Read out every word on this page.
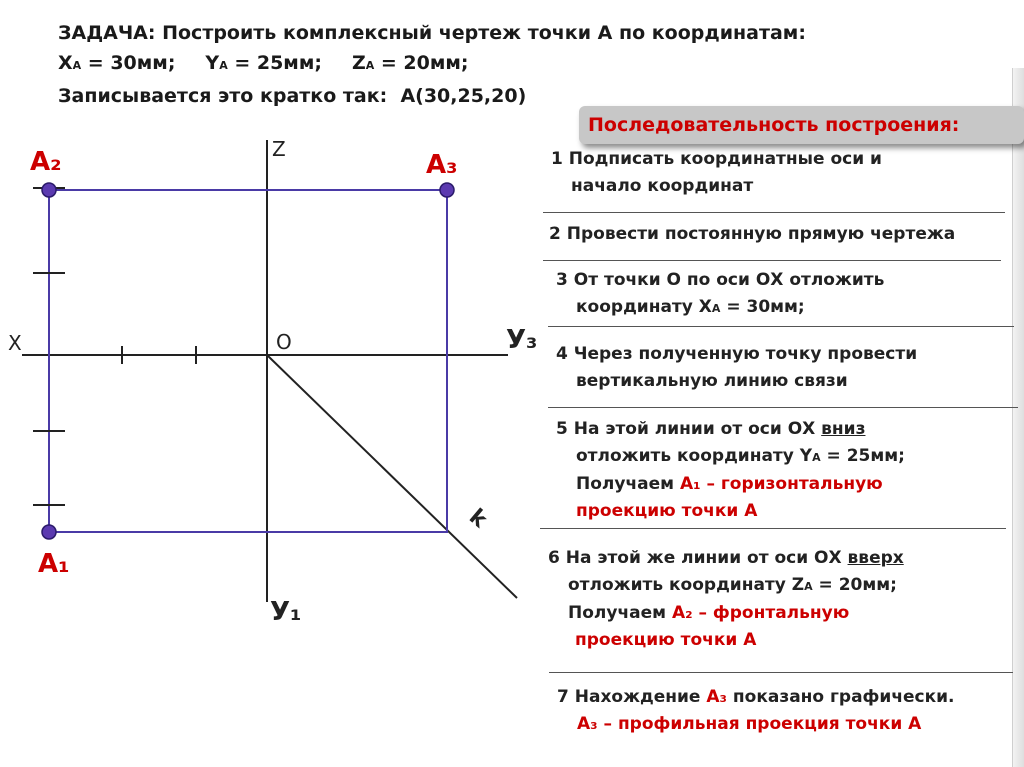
ЗАДАЧА: Построить комплексный чертеж точки А по координатам:
ХА = 30мм; YА = 25мм; ZА = 20мм;
Записывается это кратко так: А(30,25,20)
Z
Х	О	У₃
У₁
k
А₂	А₃
А₁
Последовательность построения:
1 Подписать координатные оси и
начало координат
2 Провести постоянную прямую чертежа
3 От точки О по оси ОХ отложить
координату ХА = 30мм;
4 Через полученную точку провести
вертикальную линию связи
5 На этой линии от оси ОХ вниз
отложить координату YА = 25мм;
Получаем А₁ – горизонтальную
проекцию точки А
6 На этой же линии от оси ОХ вверх
отложить координату ZА = 20мм;
Получаем А₂ – фронтальную
проекцию точки А
7 Нахождение А₃ показано графически.
А₃ – профильная проекция точки А
